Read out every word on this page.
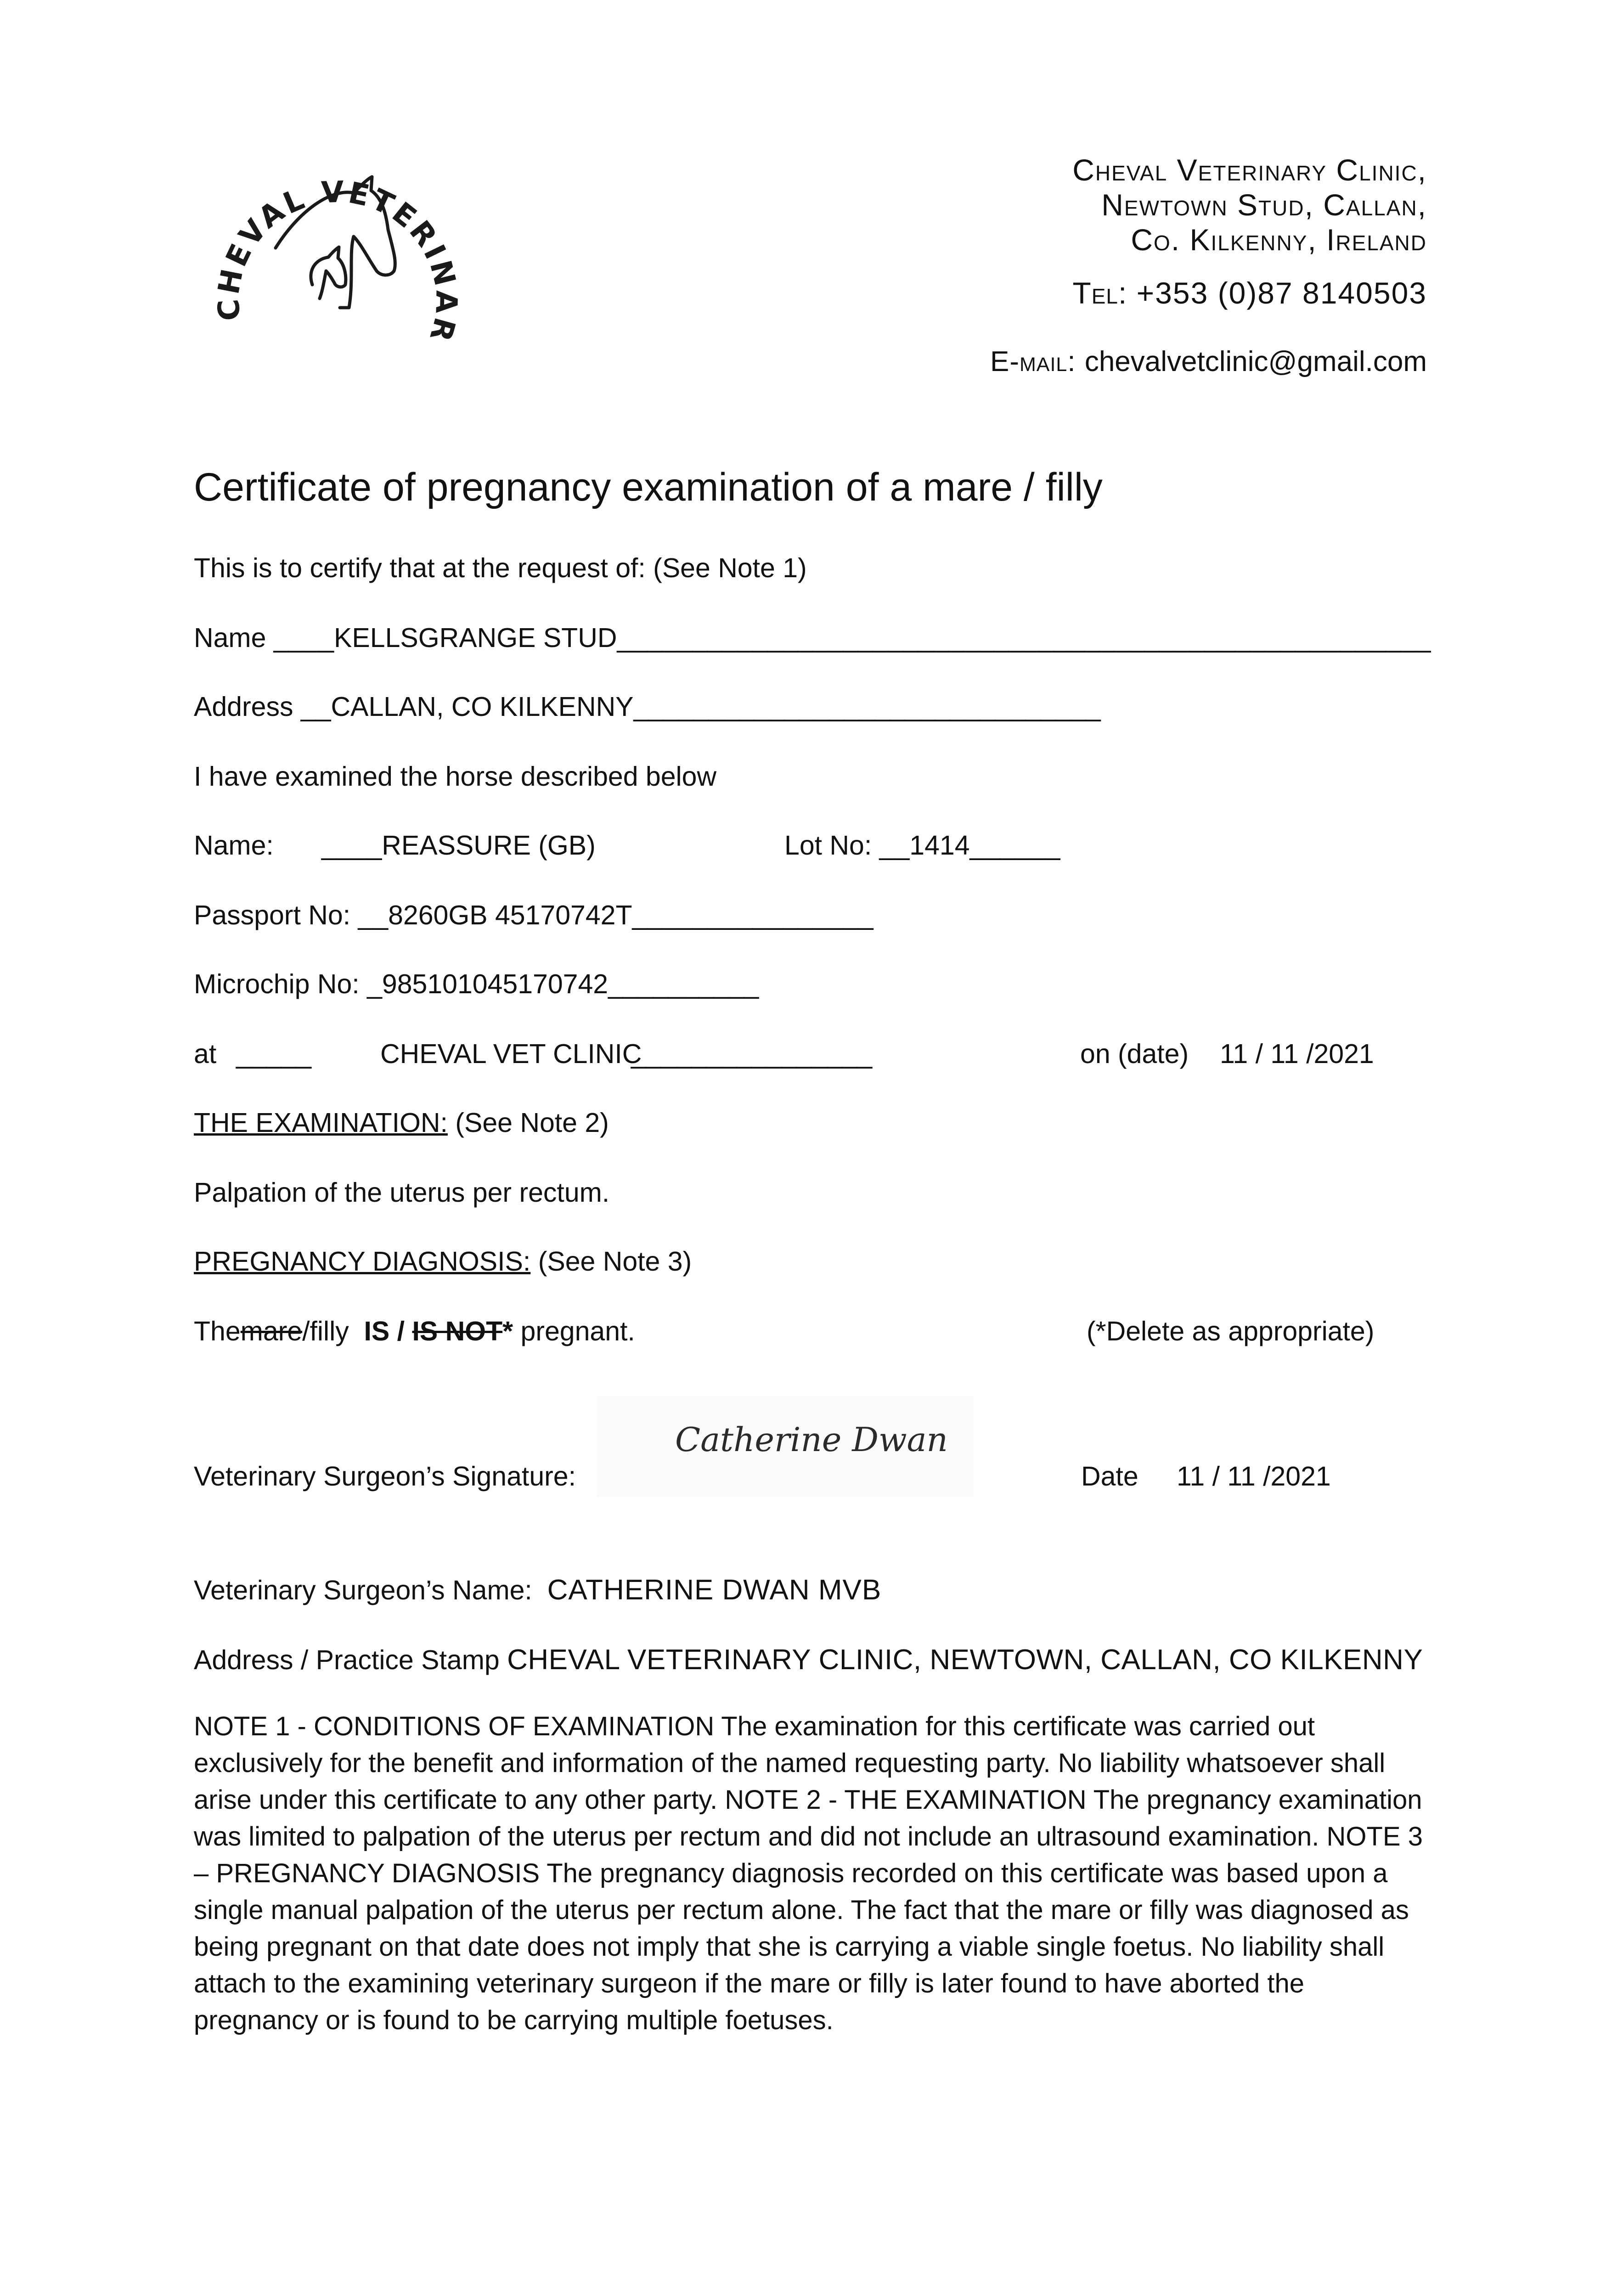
EVAL VETERINAR
Cheval Veterinary Clinic,
Newtown Stud, Callan,
Co. Kilkenny, Ireland
Tel: +353 (0)87 8140503
E-mail: chevalvetclinic@gmail.com
Certificate of pregnancy examination of a mare / filly
This is to certify that at the request of: (See Note 1)
Name ____KELLSGRANGE STUD______________________________________________________
Address __CALLAN, CO KILKENNY_______________________________
I have examined the horse described below
Name: ____REASSURE (GB)	Lot No: __1414______
Passport No: __8260GB 45170742T________________
Microchip No: _985101045170742__________
at _____	CHEVAL VET CLINIC
________________	on (date) 11 / 11 /2021
THE EXAMINATION: (See Note 2)
Palpation of the uterus per rectum.
PREGNANCY DIAGNOSIS: (See Note 3)
Themare/filly IS / IS NOT* pregnant.	(*Delete as appropriate)
Veterinary Surgeon’s Signature:
Catherine Dwan
Date 11 / 11 /2021
Veterinary Surgeon’s Name: CATHERINE DWAN MVB
Address / Practice Stamp CHEVAL VETERINARY CLINIC, NEWTOWN, CALLAN, CO KILKENNY
NOTE 1 - CONDITIONS OF EXAMINATION The examination for this certificate was carried out exclusively for the benefit and information of the named requesting party. No liability whatsoever shall arise under this certificate to any other party. NOTE 2 - THE EXAMINATION The pregnancy examination was limited to palpation of the uterus per rectum and did not include an ultrasound examination. NOTE 3 – PREGNANCY DIAGNOSIS The pregnancy diagnosis recorded on this certificate was based upon a single manual palpation of the uterus per rectum alone. The fact that the mare or filly was diagnosed as being pregnant on that date does not imply that she is carrying a viable single foetus. No liability shall attach to the examining veterinary surgeon if the mare or filly is later found to have aborted the pregnancy or is found to be carrying multiple foetuses.
